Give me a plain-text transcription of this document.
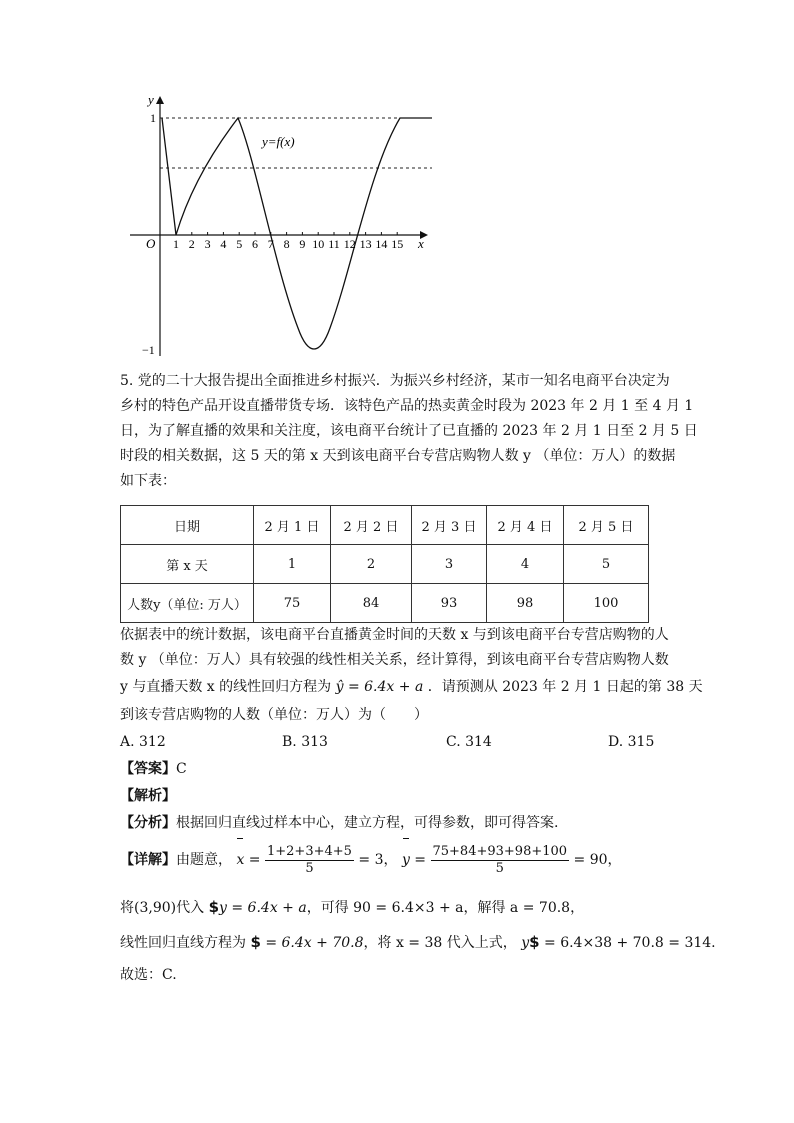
y
x
O
1
−1
y=f(x)
1 2 3 4 5 6 7 8 9 10 11 12 13 14 15
5. 党的二十大报告提出全面推进乡村振兴．为振兴乡村经济，某市一知名电商平台决定为
乡村的特色产品开设直播带货专场．该特色产品的热卖黄金时段为 2023 年 2 月 1 至 4 月 1
日，为了解直播的效果和关注度，该电商平台统计了已直播的 2023 年 2 月 1 日至 2 月 5 日
时段的相关数据，这 5 天的第 x 天到该电商平台专营店购物人数 y （单位：万人）的数据
如下表：
日期	2 月 1 日	2 月 2 日	2 月 3 日	2 月 4 日	2 月 5 日
第 x 天	1	2	3	4	5
人数y（单位: 万人）	75	84	93	98	100
依据表中的统计数据，该电商平台直播黄金时间的天数 x 与到该电商平台专营店购物的人
数 y （单位：万人）具有较强的线性相关关系，经计算得，到该电商平台专营店购物人数
y 与直播天数 x 的线性回归方程为 ŷ = 6.4x + a ．请预测从 2023 年 2 月 1 日起的第 38 天
到该专营店购物的人数（单位：万人）为（　　）
A. 312	B. 313	C. 314	D. 315
【答案】C
【解析】
【分析】根据回归直线过样本中心，建立方程，可得参数，即可得答案.
【详解】由题意， $x = \frac{1+2+3+4+5}{5} = 3$， $y = \frac{75+84+93+98+100}{5} = 90$，
将(3,90)代入 $y = 6.4x + a，可得 90 = 6.4×3 + a，解得 a = 70.8，
线性回归直线方程为 $ = 6.4x + 70.8，将 x = 38 代入上式， y$ = 6.4×38 + 70.8 = 314.
故选：C.
